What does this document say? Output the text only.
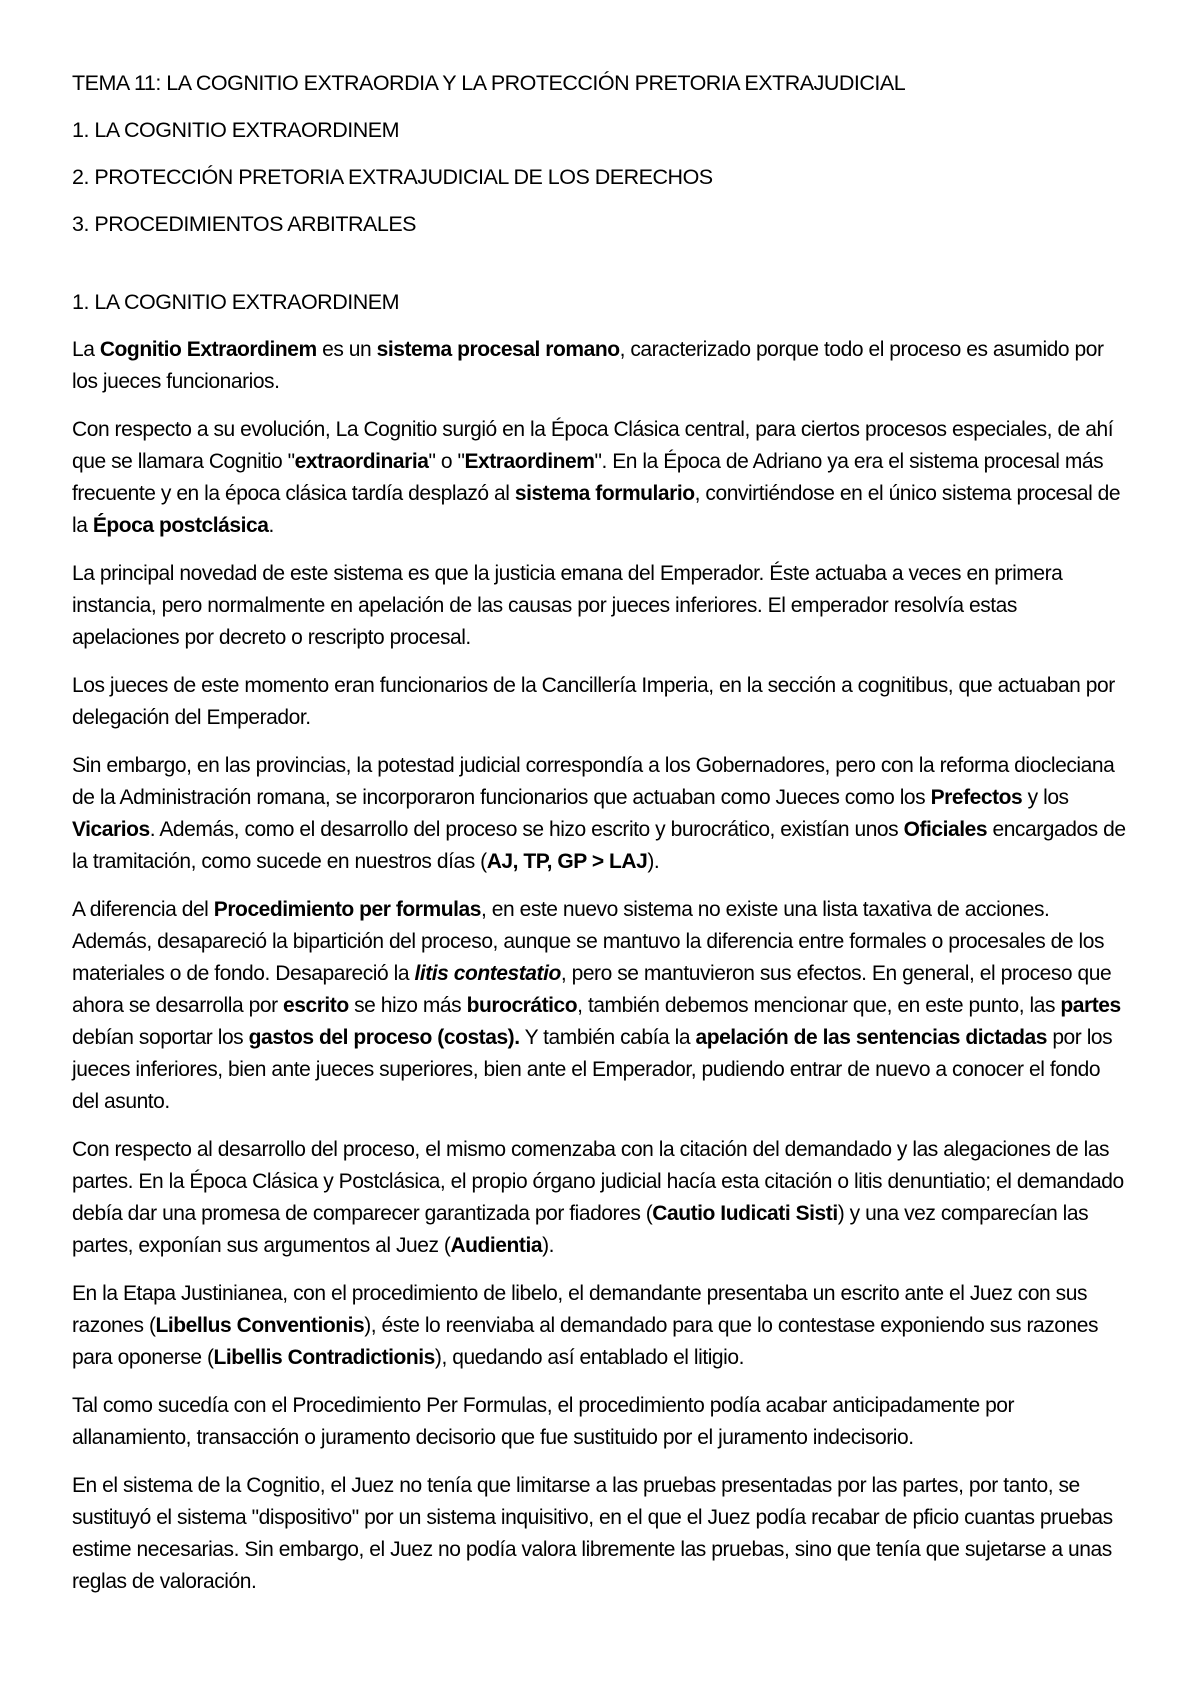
TEMA 11: LA COGNITIO EXTRAORDIA Y LA PROTECCIÓN PRETORIA EXTRAJUDICIAL
1. LA COGNITIO EXTRAORDINEM
2. PROTECCIÓN PRETORIA EXTRAJUDICIAL DE LOS DERECHOS
3. PROCEDIMIENTOS ARBITRALES
1. LA COGNITIO EXTRAORDINEM

La Cognitio Extraordinem es un sistema procesal romano, caracterizado porque todo el proceso es asumido por los jueces funcionarios.

Con respecto a su evolución, La Cognitio surgió en la Época Clásica central, para ciertos procesos especiales, de ahí que se llamara Cognitio "extraordinaria" o "Extraordinem". En la Época de Adriano ya era el sistema procesal más frecuente y en la época clásica tardía desplazó al sistema formulario, convirtiéndose en el único sistema procesal de la Época postclásica.

La principal novedad de este sistema es que la justicia emana del Emperador. Éste actuaba a veces en primera instancia, pero normalmente en apelación de las causas por jueces inferiores. El emperador resolvía estas apelaciones por decreto o rescripto procesal.

Los jueces de este momento eran funcionarios de la Cancillería Imperia, en la sección a cognitibus, que actuaban por delegación del Emperador.

Sin embargo, en las provincias, la potestad judicial correspondía a los Gobernadores, pero con la reforma diocleciana de la Administración romana, se incorporaron funcionarios que actuaban como Jueces como los Prefectos y los Vicarios. Además, como el desarrollo del proceso se hizo escrito y burocrático, existían unos Oficiales encargados de la tramitación, como sucede en nuestros días (AJ, TP, GP > LAJ).

A diferencia del Procedimiento per formulas, en este nuevo sistema no existe una lista taxativa de acciones. Además, desapareció la bipartición del proceso, aunque se mantuvo la diferencia entre formales o procesales de los materiales o de fondo. Desapareció la litis contestatio, pero se mantuvieron sus efectos. En general, el proceso que ahora se desarrolla por escrito se hizo más burocrático, también debemos mencionar que, en este punto, las partes debían soportar los gastos del proceso (costas). Y también cabía la apelación de las sentencias dictadas por los jueces inferiores, bien ante jueces superiores, bien ante el Emperador, pudiendo entrar de nuevo a conocer el fondo del asunto.

Con respecto al desarrollo del proceso, el mismo comenzaba con la citación del demandado y las alegaciones de las partes. En la Época Clásica y Postclásica, el propio órgano judicial hacía esta citación o litis denuntiatio; el demandado debía dar una promesa de comparecer garantizada por fiadores (Cautio Iudicati Sisti) y una vez comparecían las partes, exponían sus argumentos al Juez (Audientia).

En la Etapa Justinianea, con el procedimiento de libelo, el demandante presentaba un escrito ante el Juez con sus razones (Libellus Conventionis), éste lo reenviaba al demandado para que lo contestase exponiendo sus razones para oponerse (Libellis Contradictionis), quedando así entablado el litigio.

Tal como sucedía con el Procedimiento Per Formulas, el procedimiento podía acabar anticipadamente por allanamiento, transacción o juramento decisorio que fue sustituido por el juramento indecisorio.

En el sistema de la Cognitio, el Juez no tenía que limitarse a las pruebas presentadas por las partes, por tanto, se sustituyó el sistema "dispositivo" por un sistema inquisitivo, en el que el Juez podía recabar de pficio cuantas pruebas estime necesarias. Sin embargo, el Juez no podía valora libremente las pruebas, sino que tenía que sujetarse a unas reglas de valoración.
